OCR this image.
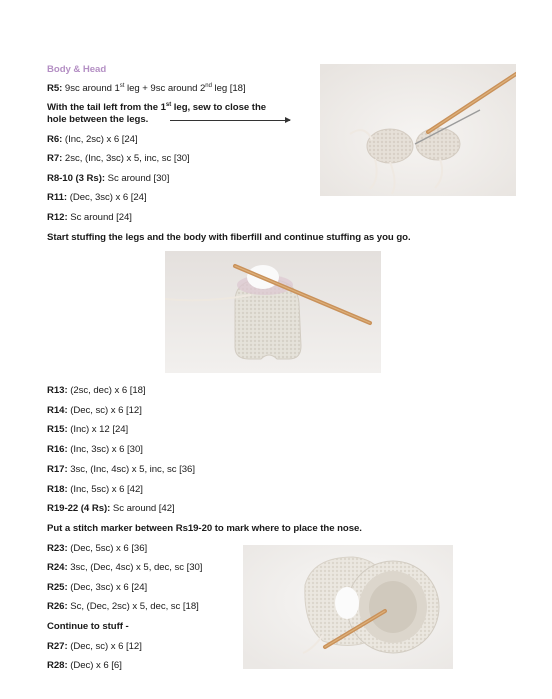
Body & Head
R5: 9sc around 1st leg + 9sc around 2nd leg [18]
With the tail left from the 1st leg, sew to close the
hole between the legs.
R6: (Inc, 2sc) x 6 [24]
R7: 2sc, (Inc, 3sc) x 5, inc, sc [30]
R8-10 (3 Rs): Sc around [30]
R11: (Dec, 3sc) x 6 [24]
R12: Sc around [24]
Start stuffing the legs and the body with fiberfill and continue stuffing as you go.
R13: (2sc, dec) x 6 [18]
R14: (Dec, sc) x 6 [12]
R15: (Inc) x 12 [24]
R16: (Inc, 3sc) x 6 [30]
R17: 3sc, (Inc, 4sc) x 5, inc, sc [36]
R18: (Inc, 5sc) x 6 [42]
R19-22 (4 Rs): Sc around [42]
Put a stitch marker between Rs19-20 to mark where to place the nose.
R23: (Dec, 5sc) x 6 [36]
R24: 3sc, (Dec, 4sc) x 5, dec, sc [30]
R25: (Dec, 3sc) x 6 [24]
R26: Sc, (Dec, 2sc) x 5, dec, sc [18]
Continue to stuff -
R27: (Dec, sc) x 6 [12]
R28: (Dec) x 6 [6]
